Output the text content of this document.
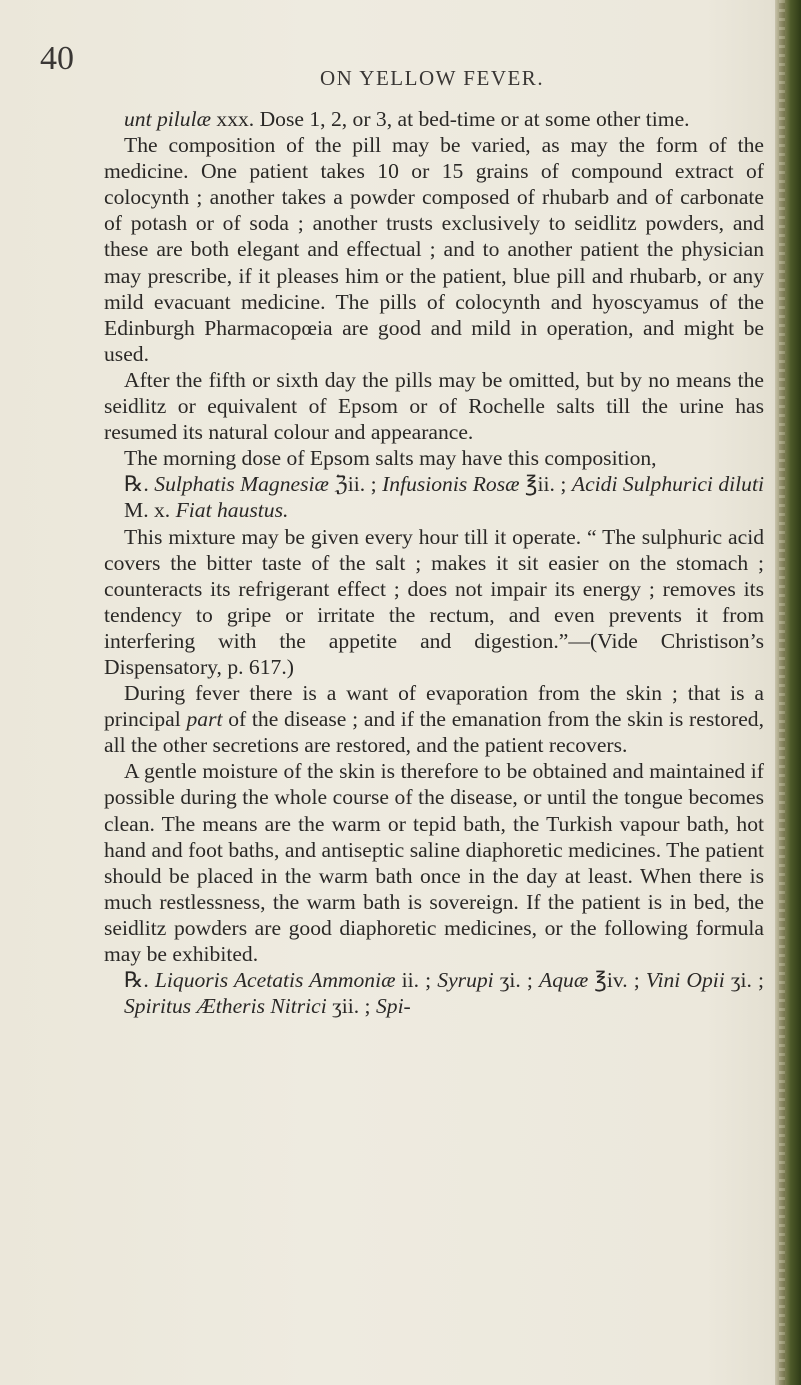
40
ON YELLOW FEVER.

unt pilulæ xxx. Dose 1, 2, or 3, at bed-time or at some other time.

The composition of the pill may be varied, as may the form of the medicine. One patient takes 10 or 15 grains of compound extract of colocynth ; another takes a powder composed of rhubarb and of carbonate of potash or of soda ; another trusts exclusively to seidlitz powders, and these are both elegant and effectual ; and to another patient the physician may prescribe, if it pleases him or the patient, blue pill and rhubarb, or any mild evacuant medicine. The pills of colocynth and hyoscyamus of the Edinburgh Pharmacopœia are good and mild in operation, and might be used.

After the fifth or sixth day the pills may be omitted, but by no means the seidlitz or equivalent of Epsom or of Rochelle salts till the urine has resumed its natural colour and appearance.

The morning dose of Epsom salts may have this composition,

℞. Sulphatis Magnesiæ ℨii. ; Infusionis Rosæ ℥ii. ; Acidi Sulphurici diluti M. x. Fiat haustus.

This mixture may be given every hour till it operate. “ The sulphuric acid covers the bitter taste of the salt ; makes it sit easier on the stomach ; counteracts its refrigerant effect ; does not impair its energy ; removes its tendency to gripe or irritate the rectum, and even prevents it from interfering with the appetite and digestion.”—(Vide Christison’s Dispensatory, p. 617.)

During fever there is a want of evaporation from the skin ; that is a principal part of the disease ; and if the emanation from the skin is restored, all the other secretions are restored, and the patient recovers.

A gentle moisture of the skin is therefore to be obtained and maintained if possible during the whole course of the disease, or until the tongue becomes clean. The means are the warm or tepid bath, the Turkish vapour bath, hot hand and foot baths, and antiseptic saline diaphoretic medicines. The patient should be placed in the warm bath once in the day at least. When there is much restlessness, the warm bath is sovereign. If the patient is in bed, the seidlitz powders are good diaphoretic medicines, or the following formula may be exhibited.

℞. Liquoris Acetatis Ammoniæ ii. ; Syrupi ʒi. ; Aquæ ℥iv. ; Vini Opii ʒi. ; Spiritus Ætheris Nitrici ʒii. ; Spi-
